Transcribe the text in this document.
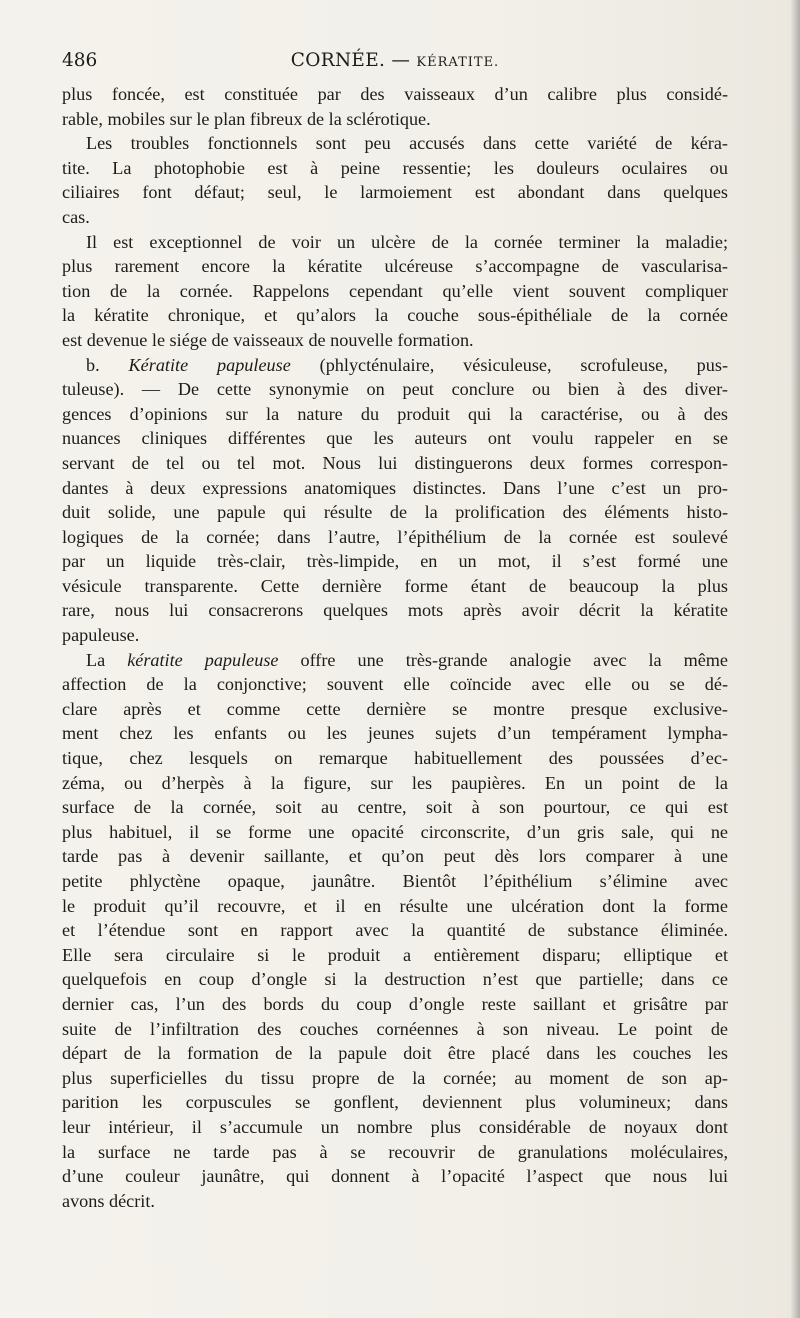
486	CORNÉE. — KÉRATITE.
plus foncée, est constituée par des vaisseaux d’un calibre plus considé-
rable, mobiles sur le plan fibreux de la sclérotique.
Les troubles fonctionnels sont peu accusés dans cette variété de kéra-
tite. La photophobie est à peine ressentie; les douleurs oculaires ou
ciliaires font défaut; seul, le larmoiement est abondant dans quelques
cas.
Il est exceptionnel de voir un ulcère de la cornée terminer la maladie;
plus rarement encore la kératite ulcéreuse s’accompagne de vascularisa-
tion de la cornée. Rappelons cependant qu’elle vient souvent compliquer
la kératite chronique, et qu’alors la couche sous-épithéliale de la cornée
est devenue le siége de vaisseaux de nouvelle formation.
b. Kératite papuleuse (phlycténulaire, vésiculeuse, scrofuleuse, pus-
tuleuse). — De cette synonymie on peut conclure ou bien à des diver-
gences d’opinions sur la nature du produit qui la caractérise, ou à des
nuances cliniques différentes que les auteurs ont voulu rappeler en se
servant de tel ou tel mot. Nous lui distinguerons deux formes correspon-
dantes à deux expressions anatomiques distinctes. Dans l’une c’est un pro-
duit solide, une papule qui résulte de la prolification des éléments histo-
logiques de la cornée; dans l’autre, l’épithélium de la cornée est soulevé
par un liquide très-clair, très-limpide, en un mot, il s’est formé une
vésicule transparente. Cette dernière forme étant de beaucoup la plus
rare, nous lui consacrerons quelques mots après avoir décrit la kératite
papuleuse.
La kératite papuleuse offre une très-grande analogie avec la même
affection de la conjonctive; souvent elle coïncide avec elle ou se dé-
clare après et comme cette dernière se montre presque exclusive-
ment chez les enfants ou les jeunes sujets d’un tempérament lympha-
tique, chez lesquels on remarque habituellement des poussées d’ec-
zéma, ou d’herpès à la figure, sur les paupières. En un point de la
surface de la cornée, soit au centre, soit à son pourtour, ce qui est
plus habituel, il se forme une opacité circonscrite, d’un gris sale, qui ne
tarde pas à devenir saillante, et qu’on peut dès lors comparer à une
petite phlyctène opaque, jaunâtre. Bientôt l’épithélium s’élimine avec
le produit qu’il recouvre, et il en résulte une ulcération dont la forme
et l’étendue sont en rapport avec la quantité de substance éliminée.
Elle sera circulaire si le produit a entièrement disparu; elliptique et
quelquefois en coup d’ongle si la destruction n’est que partielle; dans ce
dernier cas, l’un des bords du coup d’ongle reste saillant et grisâtre par
suite de l’infiltration des couches cornéennes à son niveau. Le point de
départ de la formation de la papule doit être placé dans les couches les
plus superficielles du tissu propre de la cornée; au moment de son ap-
parition les corpuscules se gonflent, deviennent plus volumineux; dans
leur intérieur, il s’accumule un nombre plus considérable de noyaux dont
la surface ne tarde pas à se recouvrir de granulations moléculaires,
d’une couleur jaunâtre, qui donnent à l’opacité l’aspect que nous lui
avons décrit.
